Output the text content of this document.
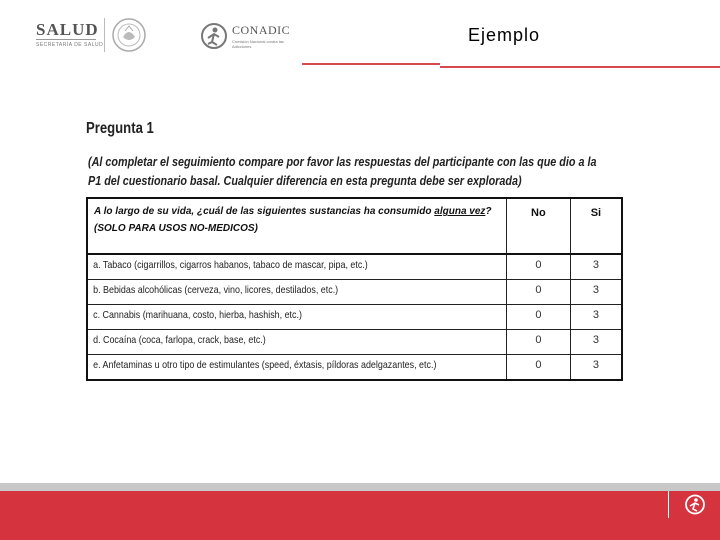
SALUD
SECRETARÍA DE SALUD
CONADIC
Comisión Nacional contra las Adicciones
Ejemplo
Pregunta 1
(Al completar el seguimiento compare por favor las respuestas del participante con las que dio a la P1 del cuestionario basal. Cualquier diferencia en esta pregunta debe ser explorada)
A lo largo de su vida, ¿cuál de las siguientes sustancias ha consumido alguna vez? (SOLO PARA USOS NO-MEDICOS)	No	Si

a. Tabaco (cigarrillos, cigarros habanos, tabaco de mascar, pipa, etc.)	0	3

b. Bebidas alcohólicas (cerveza, vino, licores, destilados, etc.)	0	3

c. Cannabis (marihuana, costo, hierba, hashish, etc.)	0	3

d. Cocaína (coca, farlopa, crack, base, etc.)	0	3

e. Anfetaminas u otro tipo de estimulantes (speed, éxtasis, píldoras adelgazantes, etc.)	0	3
